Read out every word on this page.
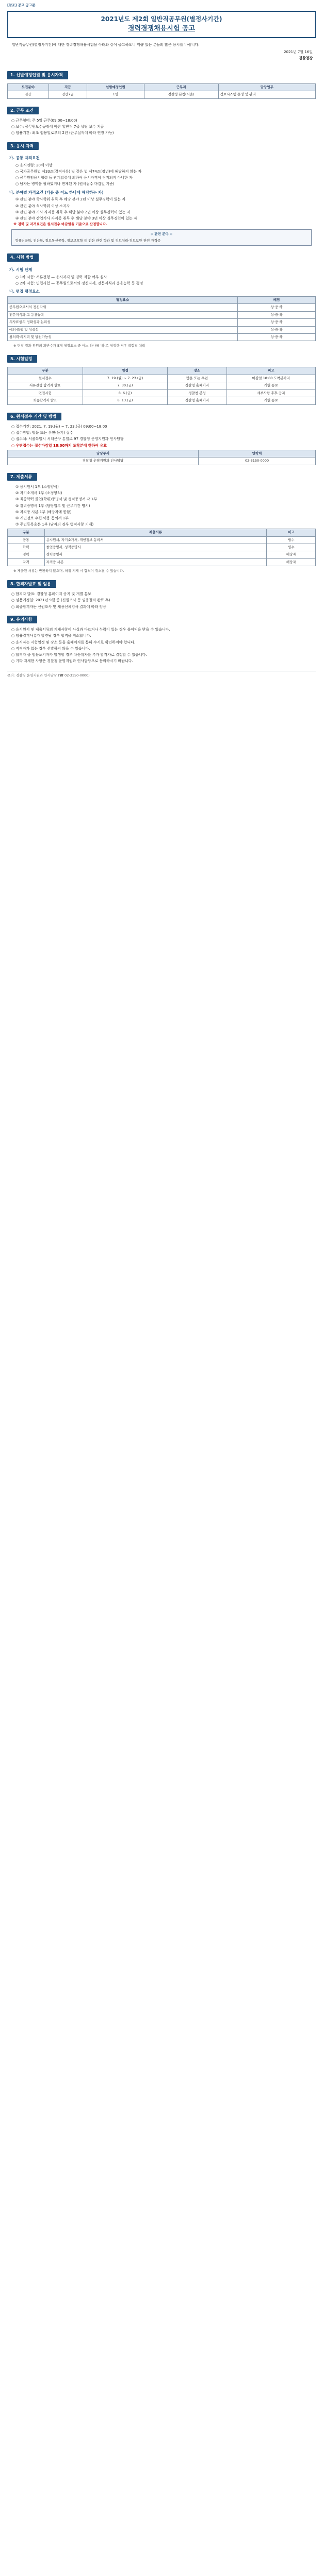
[참조] 공고 공고문
2021년도 제2회 일반직공무원(별정사기간)
경력경쟁채용시험 공고

일반직공무원(별정사기간)에 대한 경력경쟁채용시험을 아래와 같이 공고하오니 역량 있는 분들의 많은 응시를 바랍니다.

2021년 7월 16일
경찰청장
1. 선발예정인원 및 응시자격
모집분야	직급	선발예정인원	근무지	담당업무
전산	전산7급	1명	경찰청 본청(서울)	정보시스템 운영 및 관리
2. 근무 조건
○ 근무형태: 주 5일 근무(09:00~18:00)
○ 보수: 공무원보수규정에 따른 일반직 7급 상당 보수 지급
○ 임용기간: 최초 임용일로부터 2년 (근무실적에 따라 연장 가능)
3. 응시 자격
가. 공통 자격요건
○ 응시연령: 20세 이상
○ 국가공무원법 제33조(결격사유) 및 같은 법 제74조(정년)에 해당하지 않는 자
○ 공무원임용시험령 등 관계법령에 의하여 응시자격이 정지되지 아니한 자
○ 남자는 병역을 필하였거나 면제된 자 (원서접수 마감일 기준)
나. 분야별 자격요건 (다음 중 어느 하나에 해당하는 자)
① 관련 분야 학사학위 취득 후 해당 분야 2년 이상 실무경력이 있는 자
② 관련 분야 석사학위 이상 소지자
③ 관련 분야 기사 자격증 취득 후 해당 분야 2년 이상 실무경력이 있는 자
④ 관련 분야 산업기사 자격증 취득 후 해당 분야 3년 이상 실무경력이 있는 자
※ 경력 및 자격요건은 원서접수 마감일을 기준으로 산정합니다.
◇ 관련 분야 ◇
컴퓨터공학, 전산학, 정보통신공학, 정보보호학 등 전산 관련 학과 및 정보처리·정보보안 관련 자격증
4. 시험 방법
가. 시험 단계
○ 1차 시험: 서류전형 — 응시자격 및 경력 적합 여부 심사
○ 2차 시험: 면접시험 — 공무원으로서의 정신자세, 전문지식과 응용능력 등 평정
나. 면접 평정요소
평정요소	배점
공무원으로서의 정신자세	상·중·하
전문지식과 그 응용능력	상·중·하
의사표현의 정확성과 논리성	상·중·하
예의·품행 및 성실성	상·중·하
창의력·의지력 및 발전가능성	상·중·하
※ 면접 결과 위원의 과반수가 5개 평정요소 중 어느 하나를 '하'로 평정한 경우 불합격 처리
5. 시험일정
구분	일정	장소	비고
원서접수	7. 19.(월) ~ 7. 23.(금)	방문 또는 우편	마감일 18:00 도착분까지
서류전형 합격자 발표	7. 30.(금)	경찰청 홈페이지	개별 통보
면접시험	8. 6.(금)	경찰청 본청	세부사항 추후 공지
최종합격자 발표	8. 13.(금)	경찰청 홈페이지	개별 통보
6. 원서접수 기간 및 방법
○ 접수기간: 2021. 7. 19.(월) ~ 7. 23.(금) 09:00~18:00
○ 접수방법: 방문 또는 우편(등기) 접수
○ 접수처: 서울특별시 서대문구 통일로 97 경찰청 운영지원과 인사담당
○ 우편접수는 접수마감일 18:00까지 도착분에 한하여 유효
담당부서	연락처
경찰청 운영지원과 인사담당	02-3150-0000
7. 제출서류
① 응시원서 1부 (소정양식)
② 자기소개서 1부 (소정양식)
③ 최종학력 졸업(학위)증명서 및 성적증명서 각 1부
④ 경력증명서 1부 (담당업무 및 근무기간 명시)
⑤ 자격증 사본 1부 (해당자에 한함)
⑥ 개인정보 수집·이용 동의서 1부
⑦ 주민등록초본 1부 (남자의 경우 병적사항 기재)
구분	제출서류	비고
공통	응시원서, 자기소개서, 개인정보 동의서	필수
학력	졸업증명서, 성적증명서	필수
경력	경력증명서	해당자
자격	자격증 사본	해당자
※ 제출된 서류는 반환하지 않으며, 허위 기재 시 합격이 취소될 수 있습니다.
8. 합격자발표 및 임용
○ 합격자 발표: 경찰청 홈페이지 공지 및 개별 통보
○ 임용예정일: 2021년 9월 중 (신원조사 등 임용절차 완료 후)
○ 최종합격자는 신원조사 및 채용신체검사 결과에 따라 임용
9. 유의사항
○ 응시원서 및 제출서류의 기재사항이 사실과 다르거나 누락이 있는 경우 불이익을 받을 수 있습니다.
○ 임용결격사유가 발견될 경우 합격을 취소합니다.
○ 응시자는 시험일정 및 장소 등을 홈페이지를 통해 수시로 확인하여야 합니다.
○ 적격자가 없는 경우 선발하지 않을 수 있습니다.
○ 합격자 중 임용포기자가 발생할 경우 차순위자를 추가 합격자로 결정할 수 있습니다.
○ 기타 자세한 사항은 경찰청 운영지원과 인사담당으로 문의하시기 바랍니다.
문의: 경찰청 운영지원과 인사담당 (☎ 02-3150-0000)
